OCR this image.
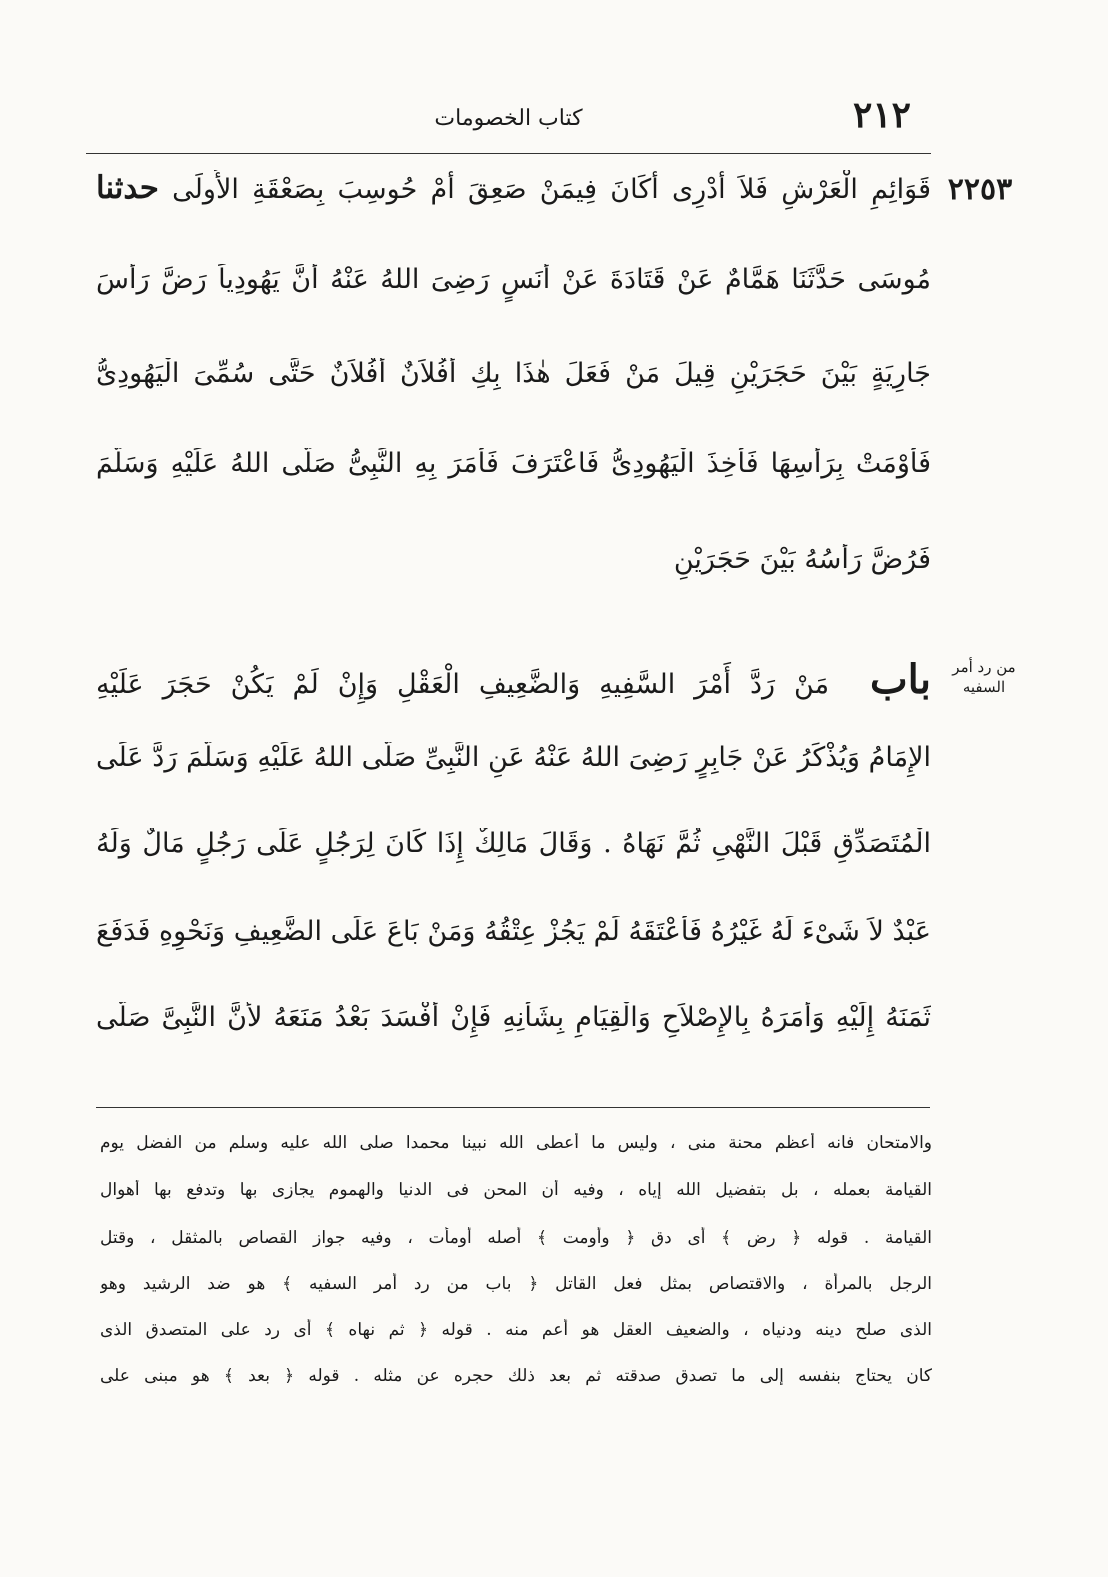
٢١٢
كتاب الخصومات
٢٢٥٣
قَوَائِمِ الْعَرْشِ فَلاَ أَدْرِى أَكَانَ فِيمَنْ صَعِقَ أَمْ حُوسِبَ بِصَعْقَةِ الأُولَى حدثنا
مُوسَى حَدَّثَنَا هَمَّامٌ عَنْ قَتَادَةَ عَنْ أَنَسٍ رَضِىَ اللهُ عَنْهُ أَنَّ يَهُودِياً رَضَّ رَأْسَ
جَارِيَةٍ بَيْنَ حَجَرَيْنِ قِيلَ مَنْ فَعَلَ هٰذَا بِكِ أَفُلاَنٌ أَفُلاَنٌ حَتَّى سُمِّىَ الْيَهُودِىُّ
فَأَوْمَتْ بِرَأْسِهَا فَأُخِذَ الْيَهُودِىُّ فَاعْتَرَفَ فَأَمَرَ بِهِ النَّبِىُّ صَلَّى اللهُ عَلَيْهِ وَسَلَّمَ
فَرُضَّ رَأْسُهُ بَيْنَ حَجَرَيْنِ
من رد أمر السفيه
باب مَنْ رَدَّ أَمْرَ السَّفِيهِ وَالضَّعِيفِ الْعَقْلِ وَإِنْ لَمْ يَكُنْ حَجَرَ عَلَيْهِ
الإِمَامُ وَيُذْكَرُ عَنْ جَابِرٍ رَضِىَ اللهُ عَنْهُ عَنِ النَّبِىِّ صَلَّى اللهُ عَلَيْهِ وَسَلَّمَ رَدَّ عَلَى
الْمُتَصَدِّقِ قَبْلَ النَّهْىِ ثُمَّ نَهَاهُ . وَقَالَ مَالِكٌ إِذَا كَانَ لِرَجُلٍ عَلَى رَجُلٍ مَالٌ وَلَهُ
عَبْدٌ لاَ شَىْءَ لَهُ غَيْرُهُ فَأَعْتَقَهُ لَمْ يَجُزْ عِتْقُهُ وَمَنْ بَاعَ عَلَى الضَّعِيفِ وَنَحْوِهِ فَدَفَعَ
ثَمَنَهُ إِلَيْهِ وَأَمَرَهُ بِالإِصْلاَحِ وَالْقِيَامِ بِشَأْنِهِ فَإِنْ أَفْسَدَ بَعْدُ مَنَعَهُ لأَنَّ النَّبِىَّ صَلَّى
والامتحان فانه أعظم محنة منى ، وليس ما أعطى الله نبينا محمدا صلى الله عليه وسلم من الفضل يوم
القيامة بعمله ، بل بتفضيل الله إياه ، وفيه أن المحن فى الدنيا والهموم يجازى بها وتدفع بها أهوال
القيامة . قوله ﴿ رض ﴾ أى دق ﴿ وأومت ﴾ أصله أومأت ، وفيه جواز القصاص بالمثقل ، وقتل
الرجل بالمرأة ، والاقتصاص بمثل فعل القاتل ﴿ باب من رد أمر السفيه ﴾ هو ضد الرشيد وهو
الذى صلح دينه ودنياه ، والضعيف العقل هو أعم منه . قوله ﴿ ثم نهاه ﴾ أى رد على المتصدق الذى
كان يحتاج بنفسه إلى ما تصدق صدقته ثم بعد ذلك حجره عن مثله . قوله ﴿ بعد ﴾ هو مبنى على
